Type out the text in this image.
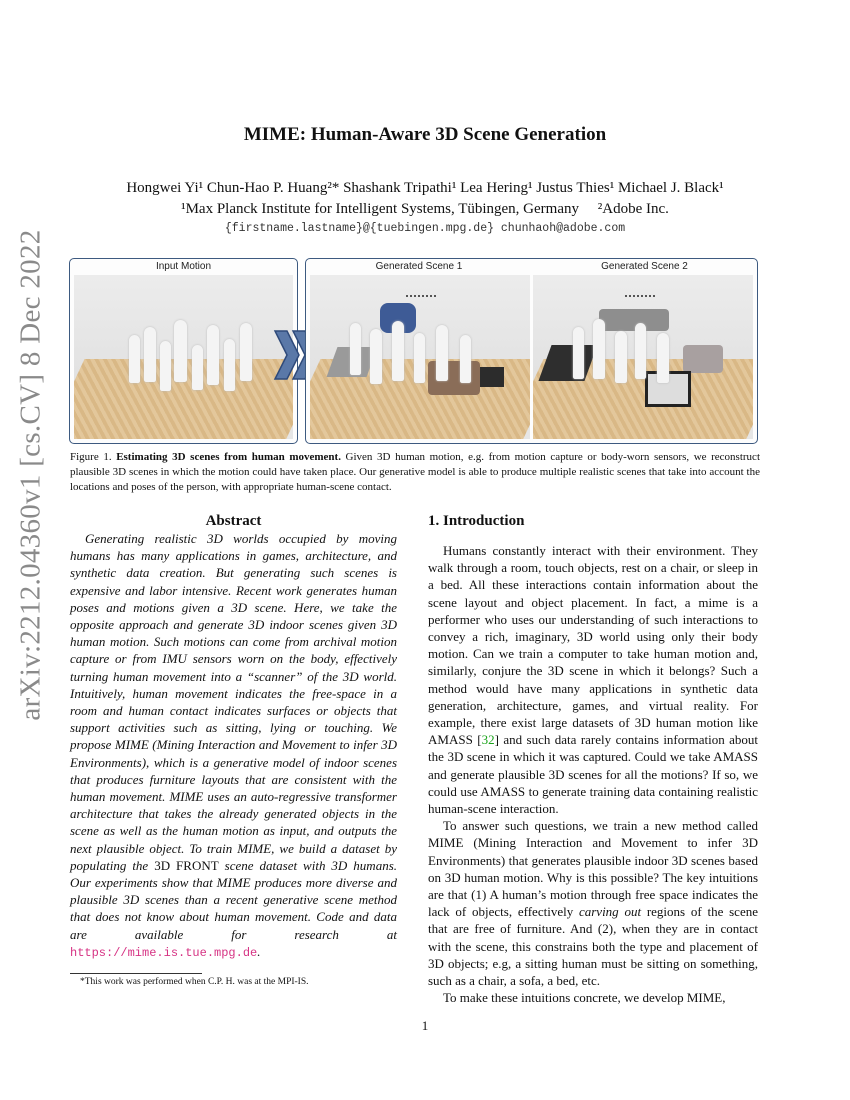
arXiv:2212.04360v1 [cs.CV] 8 Dec 2022
MIME: Human-Aware 3D Scene Generation
Hongwei Yi¹ Chun-Hao P. Huang²* Shashank Tripathi¹ Lea Hering¹ Justus Thies¹ Michael J. Black¹
¹Max Planck Institute for Intelligent Systems, Tübingen, Germany     ²Adobe Inc.
{firstname.lastname}@{tuebingen.mpg.de} chunhaoh@adobe.com
Input Motion	Generated Scene 1	Generated Scene 2
Figure 1. Estimating 3D scenes from human movement. Given 3D human motion, e.g. from motion capture or body-worn sensors, we reconstruct plausible 3D scenes in which the motion could have taken place. Our generative model is able to produce multiple realistic scenes that take into account the locations and poses of the person, with appropriate human-scene contact.
Abstract

Generating realistic 3D worlds occupied by moving humans has many applications in games, architecture, and synthetic data creation. But generating such scenes is expensive and labor intensive. Recent work generates human poses and motions given a 3D scene. Here, we take the opposite approach and generate 3D indoor scenes given 3D human motion. Such motions can come from archival motion capture or from IMU sensors worn on the body, effectively turning human movement into a “scanner” of the 3D world. Intuitively, human movement indicates the free-space in a room and human contact indicates surfaces or objects that support activities such as sitting, lying or touching. We propose MIME (Mining Interaction and Movement to infer 3D Environments), which is a generative model of indoor scenes that produces furniture layouts that are consistent with the human movement. MIME uses an auto-regressive transformer architecture that takes the already generated objects in the scene as well as the human motion as input, and outputs the next plausible object. To train MIME, we build a dataset by populating the 3D FRONT scene dataset with 3D humans. Our experiments show that MIME produces more diverse and plausible 3D scenes than a recent generative scene method that does not know about human movement. Code and data are available for research at https://mime.is.tue.mpg.de.

1. Introduction

Humans constantly interact with their environment. They walk through a room, touch objects, rest on a chair, or sleep in a bed. All these interactions contain information about the scene layout and object placement. In fact, a mime is a performer who uses our understanding of such interactions to convey a rich, imaginary, 3D world using only their body motion. Can we train a computer to take human motion and, similarly, conjure the 3D scene in which it belongs? Such a method would have many applications in synthetic data generation, architecture, games, and virtual reality. For example, there exist large datasets of 3D human motion like AMASS [32] and such data rarely contains information about the 3D scene in which it was captured. Could we take AMASS and generate plausible 3D scenes for all the motions? If so, we could use AMASS to generate training data containing realistic human-scene interaction.

To answer such questions, we train a new method called MIME (Mining Interaction and Movement to infer 3D Environments) that generates plausible indoor 3D scenes based on 3D human motion. Why is this possible? The key intuitions are that (1) A human’s motion through free space indicates the lack of objects, effectively carving out regions of the scene that are free of furniture. And (2), when they are in contact with the scene, this constrains both the type and placement of 3D objects; e.g, a sitting human must be sitting on something, such as a chair, a sofa, a bed, etc.

To make these intuitions concrete, we develop MIME,

*This work was performed when C.P. H. was at the MPI-IS.
1
